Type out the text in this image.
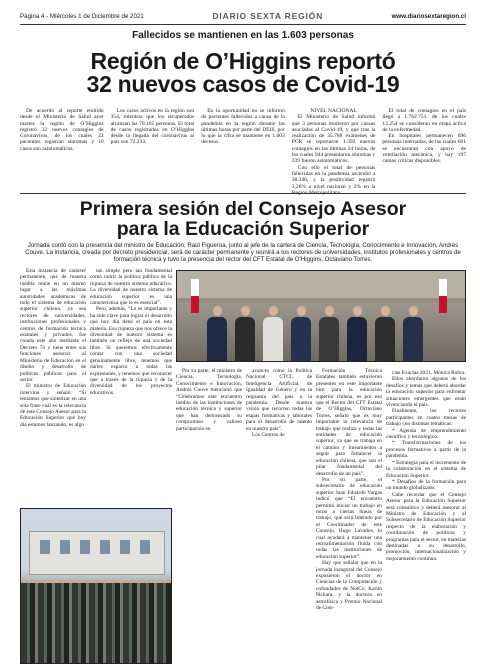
Página 4 - Miércoles 1 de Diciembre de 2021	DIARIO SEXTA REGIÓN	www.diariosextaregion.cl
Fallecidos se mantienen en las 1.603 personas
Región de O’Higgins reportó
32 nuevos casos de Covid-19

De acuerdo al reporte emitido desde el Ministerio de Salud ayer martes la región de O’Higgins registró 32 nuevos contagios de Coronavirus, de los cuales 22 pacientes registran síntomas y 10 casos son asintomáticos.

Los casos activos en la región son 354, mientras que los recuperados alcanzan las 70.105 personas. El total de casos registrados en O’Higgins desde la llegada del coronavirus al país son 72.233.

En la oportunidad no se informó de pacientes fallecidos a causa de la pandemia en la región durante las últimas horas por parte del DEIS, por lo que la cifra se mantiene en 1.603 decesos.

NIVEL NACIONAL

El Ministerio de Salud informó que 3 personas murieron por causas asociadas al Covid-19, y que tras la realización de 35.788 exámenes de PCR se reportaron 1.392 nuevos contagios en las últimas 24 horas, de los cuales 944 presentaron síntomas y 339 fueron asintomáticos.

Con ello el total de personas fallecidas en la pandemia ascendió a 38.346, y la positividad registró 3,26% a nivel nacional y 2% en la

El total de contagios en el país llegó a 1.762.751, de los cuales 13.254 se consideran en etapa activa de la enfermedad.

En hospitales permanecen 696 personas internadas, de las cuales 601 se encuentran con apoyo de ventilación mecánica, y hay 197 camas críticas disponibles.

Primera sesión del Consejo Asesor
para la Educación Superior
Jornada contó con la presencia del ministro de Educación, Raúl Figueroa, junto al jefe de la cartera de Ciencia, Tecnología, Conocimiento e Innovación, Andrés Couve. La instancia, creada por decreto presidencial, será de carácter permanente y reunirá a los rectores de universidades, institutos profesionales y centros de formación técnica y tuvo la presencia del rector del CFT Estatal de O’Higgins, Octaviano Torres.

Esta instancia de carácter permanente, que de manera inédita reúne en un mismo lugar a las máximas autoridades académicas de todo el sistema de educación superior chilena, ya sea rectores de universidades, instituciones profesionales y centros de formación técnica estatales y privados, fue creada este año mediante el Decreto 74 y tiene entre sus funciones asesorar al Ministerio de Educación en el diseño y desarrollo de políticas públicas para el sector.

El ministro de Educación intervino y señaló: “Si teníamos que sintetizar en una sola frase cuál es la relevancia de este Consejo Asesor para la Educación Superior que hoy día estamos lanzando, es algo

tan simple pero tan fundamental como nutrir la política pública de la riqueza de nuestro sistema educativo. La diversidad de nuestro sistema de educación superior es una característica que le es esencial”.

Pero, además, “Le es importante y ha sido clave para lograr el desarrollo que hoy día tiene el país en esta materia. Esa riqueza que nos ofrece la diversidad de nuestro sistema es también un reflejo de una sociedad libre. Si queremos efectivamente contar con una sociedad genuinamente libre, tenemos que darles espacio a todas las expresiones, y tenemos que reconocer que a través de la riqueza y de la diversidad de los proyectos educativos.

Por su parte, el ministro de Ciencia, Tecnología, Conocimiento e Innovación, Andrés Couve mencionó que “Celebramos este encuentro inédito de las instituciones de educación técnica y superior que han demostrado su compromiso y valioso participación en

avances como la Política Nacional CTCI, de Inteligencia Artificial, de Igualdad de Género y en la respuesta del país a la pandemia. Desde nuestra visión que recorren todas las etapas formativas y laborales para el desarrollo de talento en nuestro país”.

Los Centros de

Formación Técnica Estatales también estuvieron presentes en este importante hito para la educación superior chilena, es por eso que el Rector del CFT Estatal de O’Higgins, Octaviano Torres, señaló que es muy importante la relevancia de trabajo que realiza y todas las entidades de educación superior, ya que se trabaja en el camino y lineamientos a seguir para fortalecer la educación chilena, que son el pilar fundamental del desarrollo de un país”.

Por su parte, el subsecretario de educación superior Juan Eduardo Vargas indicó que “El encuentro permitió iniciar un trabajo en torno a ciertas líneas de trabajo, que será liderado por el Coordinador de este Consejo, Hugo Lavados, lo cual ayudará a mantener una retroalimentación fluida con todas las instituciones de educación superior”.

Hay que señalar que en la jornada inaugural del Consejo expusieron el doctor en Ciencias de la Computación y cofundador de NotCo, Karim Pichara, y la doctora en astrofísica y Premio Nacional de Cien-

cias Exactas 2021, Mónica Rubio.

Ellos abordaron algunos de los desafíos y temas que deberá abordar la educación superior para enfrentar situaciones emergentes que están vivenciando el país.

Finalmente, los rectores participantes en cuatro mesas de trabajo con distintas temáticas:

* Agenda de emprendimiento científico y tecnológico.

* Transformaciones de los procesos formativos a partir de la pandemia.

* Estrategia para el incremento de la colaboración en el sistema de Educación Superior.

* Desafíos de la formación para un mundo globalizado.

Cabe recordar que el Consejo Asesor para la Educación Superior será consultivo y deberá asesorar al Ministro de Educación y al Subsecretario de Educación Superior respecto de la elaboración y coordinación de políticas y programas para el sector, en materias destinadas a su desarrollo, promoción, internacionalización y mejoramiento continuo.
